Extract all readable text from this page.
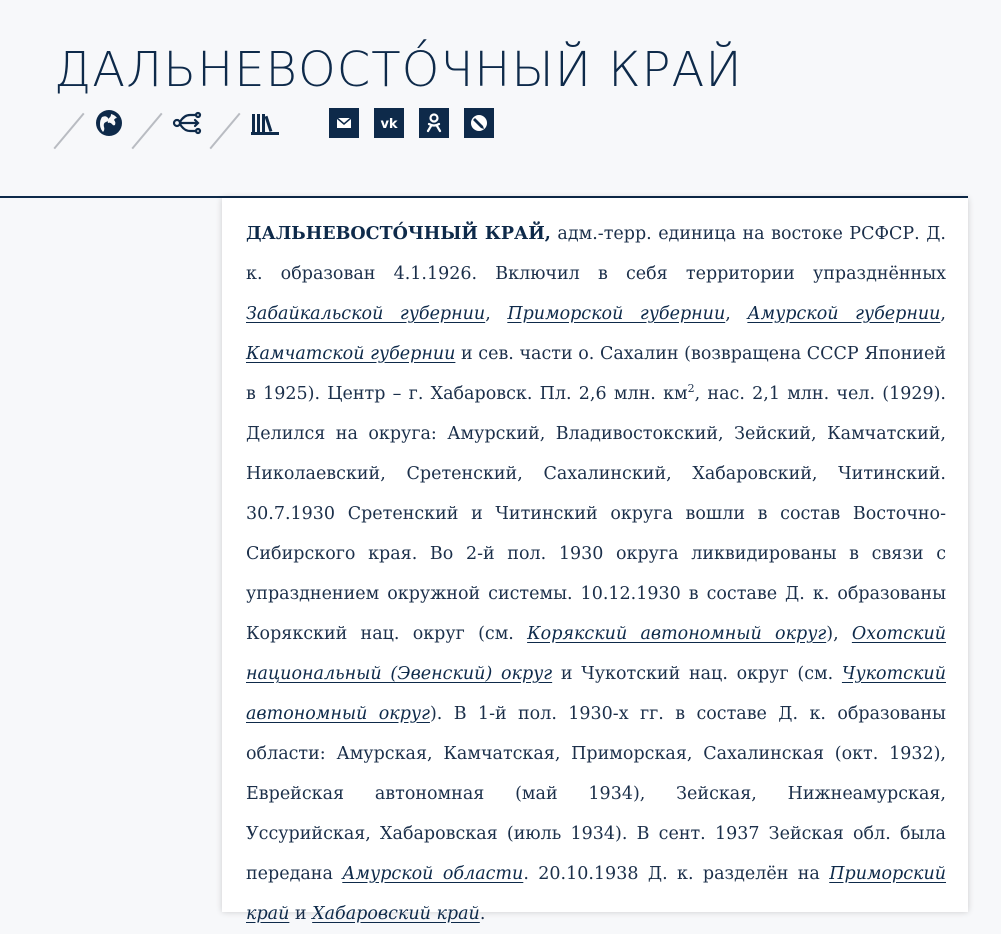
ДАЛЬНЕВОСТО́ЧНЫЙ КРАЙ
vk

ДАЛЬНЕВОСТО́ЧНЫЙ КРАЙ, адм.-терр. единица на востоке РСФСР. Д. к. образован 4.1.1926. Включил в себя территории упразднённых Забайкальской губернии, Приморской губернии, Амурской губернии, Камчатской губернии и сев. части о. Сахалин (возвращена СССР Японией в 1925). Центр – г. Хабаровск. Пл. 2,6 млн. $км^2$, нас. 2,1 млн. чел. (1929). Делился на округа: Амурский, Владивостокский, Зейский, Камчатский, Николаевский, Сретенский, Сахалинский, Хабаровский, Читинский. 30.7.1930 Сретенский и Читинский округа вошли в состав Восточно-Сибирского края. Во 2-й пол. 1930 округа ликвидированы в связи с упразднением окружной системы. 10.12.1930 в составе Д. к. образованы Корякский нац. округ (см. Корякский автономный округ), Охотский национальный (Эвенский) округ и Чукотский нац. округ (см. Чукотский автономный округ). В 1-й пол. 1930-х гг. в составе Д. к. образованы области: Амурская, Камчатская, Приморская, Сахалинская (окт. 1932), Еврейская автономная (май 1934), Зейская, Нижнеамурская, Уссурийская, Хабаровская (июль 1934). В сент. 1937 Зейская обл. была передана Амурской области. 20.10.1938 Д. к. разделён на Приморский край и Хабаровский край.
